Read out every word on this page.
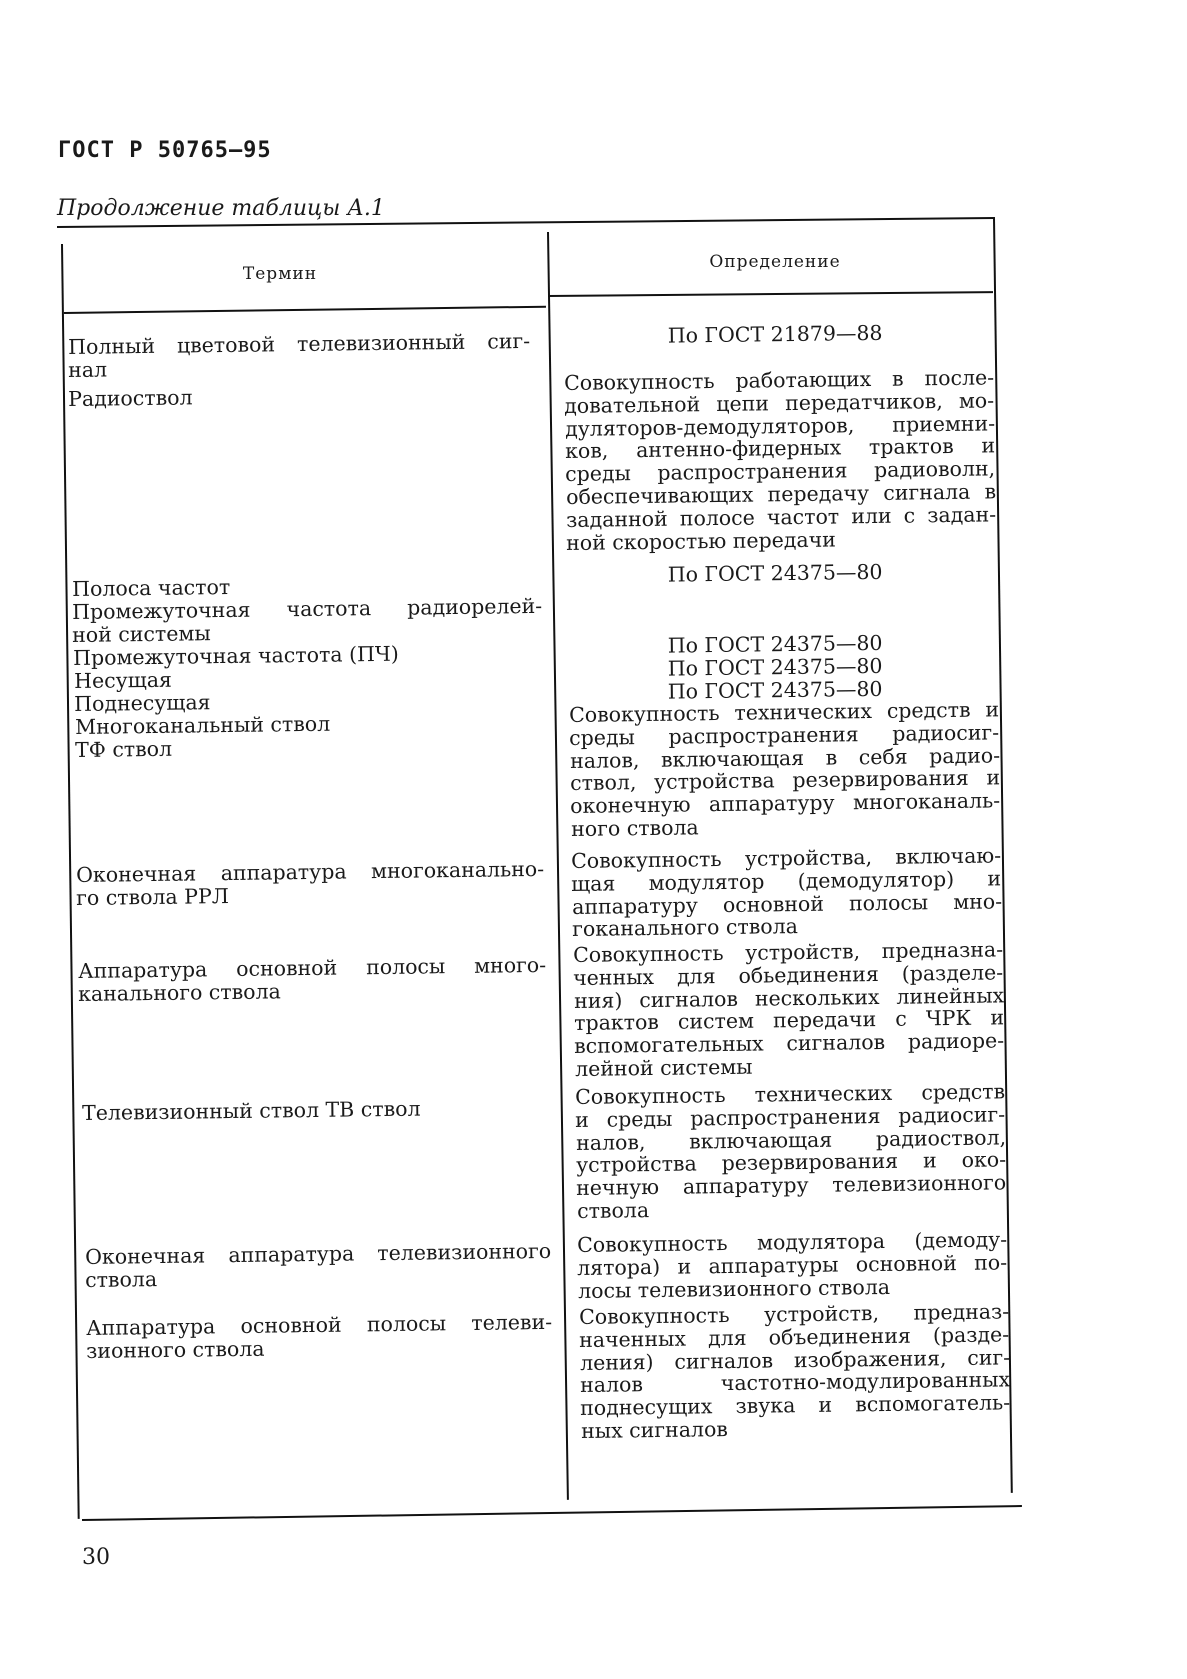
ГОСТ Р 50765—95
Продолжение таблицы А.1
Термин
Определение
Полный цветовой телевизионный сиг-
нал
Радиоствол
Полоса частот
Промежуточная частота радиорелей-
ной системы
Промежуточная частота (ПЧ)
Несущая
Поднесущая
Многоканальный ствол
ТФ ствол
Оконечная аппаратура многоканально-
го ствола РРЛ
Аппаратура основной полосы много-
канального ствола
Телевизионный ствол ТВ ствол
Оконечная аппаратура телевизионного
ствола
Аппаратура основной полосы телеви-
зионного ствола
По ГОСТ 21879—88
Совокупность работающих в после-
довательной цепи передатчиков, мо-
дуляторов-демодуляторов, приемни-
ков, антенно-фидерных трактов и
среды распространения радиоволн,
обеспечивающих передачу сигнала в
заданной полосе частот или с задан-
ной скоростью передачи
По ГОСТ 24375—80
По ГОСТ 24375—80
По ГОСТ 24375—80
По ГОСТ 24375—80
Совокупность технических средств и
среды распространения радиосиг-
налов, включающая в себя радио-
ствол, устройства резервирования и
оконечную аппаратуру многоканаль-
ного ствола
Совокупность устройства, включаю-
щая модулятор (демодулятор) и
аппаратуру основной полосы мно-
гоканального ствола
Совокупность устройств, предназна-
ченных для обьединения (разделе-
ния) сигналов нескольких линейных
трактов систем передачи с ЧРК и
вспомогательных сигналов радиоре-
лейной системы
Совокупность технических средств
и среды распространения радиосиг-
налов, включающая радиоствол,
устройства резервирования и око-
нечную аппаратуру телевизионного
ствола
Совокупность модулятора (демоду-
лятора) и аппаратуры основной по-
лосы телевизионного ствола
Совокупность устройств, предназ-
наченных для объединения (разде-
ления) сигналов изображения, сиг-
налов частотно-модулированных
поднесущих звука и вспомогатель-
ных сигналов
30
